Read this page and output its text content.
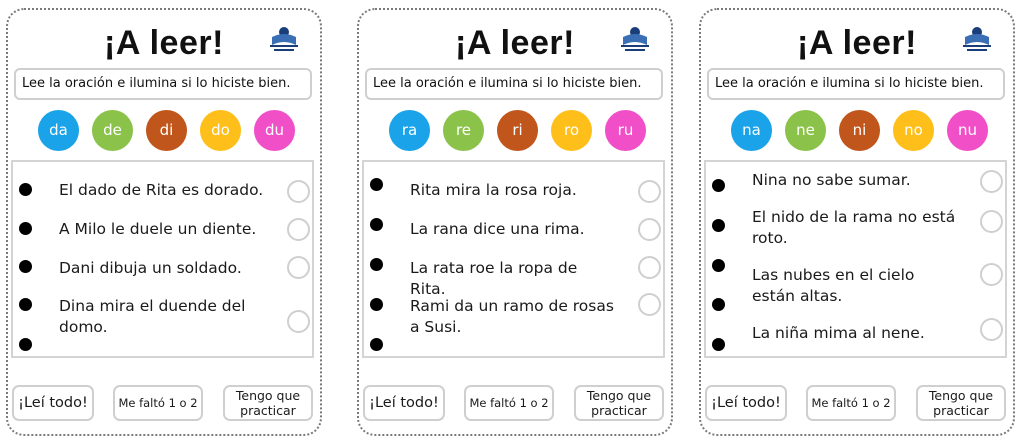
¡A leer!
Lee la oración e ilumina si lo hiciste bien.
da	de	di	do	du
El dado de Rita es dorado.
A Milo le duele un diente.
Dani dibuja un soldado.
Dina mira el duende del domo.
¡Leí todo!	Me faltó 1 o 2	Tengo que practicar
¡A leer!
Lee la oración e ilumina si lo hiciste bien.
ra	re	ri	ro	ru
Rita mira la rosa roja.
La rana dice una rima.
La rata roe la ropa de Rita.
Rami da un ramo de rosas a Susi.
¡Leí todo!	Me faltó 1 o 2	Tengo que practicar
¡A leer!
Lee la oración e ilumina si lo hiciste bien.
na	ne	ni	no	nu
Nina no sabe sumar.
El nido de la rama no está roto.
Las nubes en el cielo están altas.
La niña mima al nene.
¡Leí todo!	Me faltó 1 o 2	Tengo que practicar
